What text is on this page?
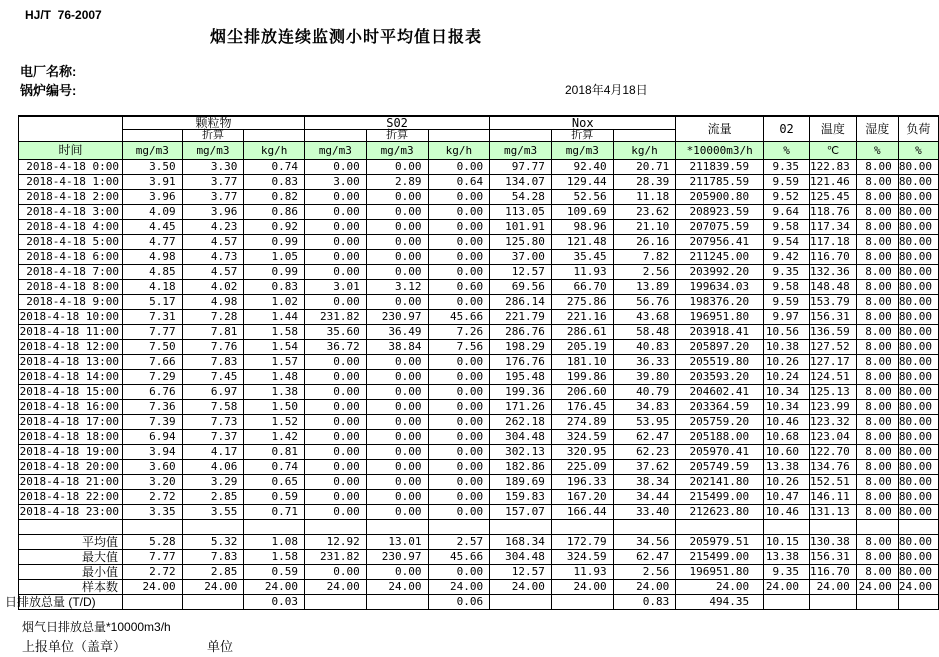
HJ/T  76-2007
烟尘排放连续监测小时平均值日报表
电厂名称:
锅炉编号:	2018年4月18日
	颗粒物			S02			Nox			流量	02	温度	湿度	负荷
		折算			折算			折算						
时间	mg/m3	mg/m3	kg/h	mg/m3	mg/m3	kg/h	mg/m3	mg/m3	kg/h	*10000m3/h	%	℃	%	%
2018-4-18 0:00	3.50	3.30	0.74	0.00	0.00	0.00	97.77	92.40	20.71	211839.59	9.35	122.83	8.00	80.00
2018-4-18 1:00	3.91	3.77	0.83	3.00	2.89	0.64	134.07	129.44	28.39	211785.59	9.59	121.46	8.00	80.00
2018-4-18 2:00	3.96	3.77	0.82	0.00	0.00	0.00	54.28	52.56	11.18	205900.80	9.52	125.45	8.00	80.00
2018-4-18 3:00	4.09	3.96	0.86	0.00	0.00	0.00	113.05	109.69	23.62	208923.59	9.64	118.76	8.00	80.00
2018-4-18 4:00	4.45	4.23	0.92	0.00	0.00	0.00	101.91	98.96	21.10	207075.59	9.58	117.34	8.00	80.00
2018-4-18 5:00	4.77	4.57	0.99	0.00	0.00	0.00	125.80	121.48	26.16	207956.41	9.54	117.18	8.00	80.00
2018-4-18 6:00	4.98	4.73	1.05	0.00	0.00	0.00	37.00	35.45	7.82	211245.00	9.42	116.70	8.00	80.00
2018-4-18 7:00	4.85	4.57	0.99	0.00	0.00	0.00	12.57	11.93	2.56	203992.20	9.35	132.36	8.00	80.00
2018-4-18 8:00	4.18	4.02	0.83	3.01	3.12	0.60	69.56	66.70	13.89	199634.03	9.58	148.48	8.00	80.00
2018-4-18 9:00	5.17	4.98	1.02	0.00	0.00	0.00	286.14	275.86	56.76	198376.20	9.59	153.79	8.00	80.00
2018-4-18 10:00	7.31	7.28	1.44	231.82	230.97	45.66	221.79	221.16	43.68	196951.80	9.97	156.31	8.00	80.00
2018-4-18 11:00	7.77	7.81	1.58	35.60	36.49	7.26	286.76	286.61	58.48	203918.41	10.56	136.59	8.00	80.00
2018-4-18 12:00	7.50	7.76	1.54	36.72	38.84	7.56	198.29	205.19	40.83	205897.20	10.38	127.52	8.00	80.00
2018-4-18 13:00	7.66	7.83	1.57	0.00	0.00	0.00	176.76	181.10	36.33	205519.80	10.26	127.17	8.00	80.00
2018-4-18 14:00	7.29	7.45	1.48	0.00	0.00	0.00	195.48	199.86	39.80	203593.20	10.24	124.51	8.00	80.00
2018-4-18 15:00	6.76	6.97	1.38	0.00	0.00	0.00	199.36	206.60	40.79	204602.41	10.34	125.13	8.00	80.00
2018-4-18 16:00	7.36	7.58	1.50	0.00	0.00	0.00	171.26	176.45	34.83	203364.59	10.34	123.99	8.00	80.00
2018-4-18 17:00	7.39	7.73	1.52	0.00	0.00	0.00	262.18	274.89	53.95	205759.20	10.46	123.32	8.00	80.00
2018-4-18 18:00	6.94	7.37	1.42	0.00	0.00	0.00	304.48	324.59	62.47	205188.00	10.68	123.04	8.00	80.00
2018-4-18 19:00	3.94	4.17	0.81	0.00	0.00	0.00	302.13	320.95	62.23	205970.41	10.60	122.70	8.00	80.00
2018-4-18 20:00	3.60	4.06	0.74	0.00	0.00	0.00	182.86	225.09	37.62	205749.59	13.38	134.76	8.00	80.00
2018-4-18 21:00	3.20	3.29	0.65	0.00	0.00	0.00	189.69	196.33	38.34	202141.80	10.26	152.51	8.00	80.00
2018-4-18 22:00	2.72	2.85	0.59	0.00	0.00	0.00	159.83	167.20	34.44	215499.00	10.47	146.11	8.00	80.00
2018-4-18 23:00	3.35	3.55	0.71	0.00	0.00	0.00	157.07	166.44	33.40	212623.80	10.46	131.13	8.00	80.00

平均值	5.28	5.32	1.08	12.92	13.01	2.57	168.34	172.79	34.56	205979.51	10.15	130.38	8.00	80.00
最大值	7.77	7.83	1.58	231.82	230.97	45.66	304.48	324.59	62.47	215499.00	13.38	156.31	8.00	80.00
最小值	2.72	2.85	0.59	0.00	0.00	0.00	12.57	11.93	2.56	196951.80	9.35	116.70	8.00	80.00
样本数	24.00	24.00	24.00	24.00	24.00	24.00	24.00	24.00	24.00	24.00	24.00	24.00	24.00	24.00
日排放总量 (T/D)			0.03			0.06			0.83	494.35				
烟气日排放总量*10000m3/h
上报单位（盖章）	单位
